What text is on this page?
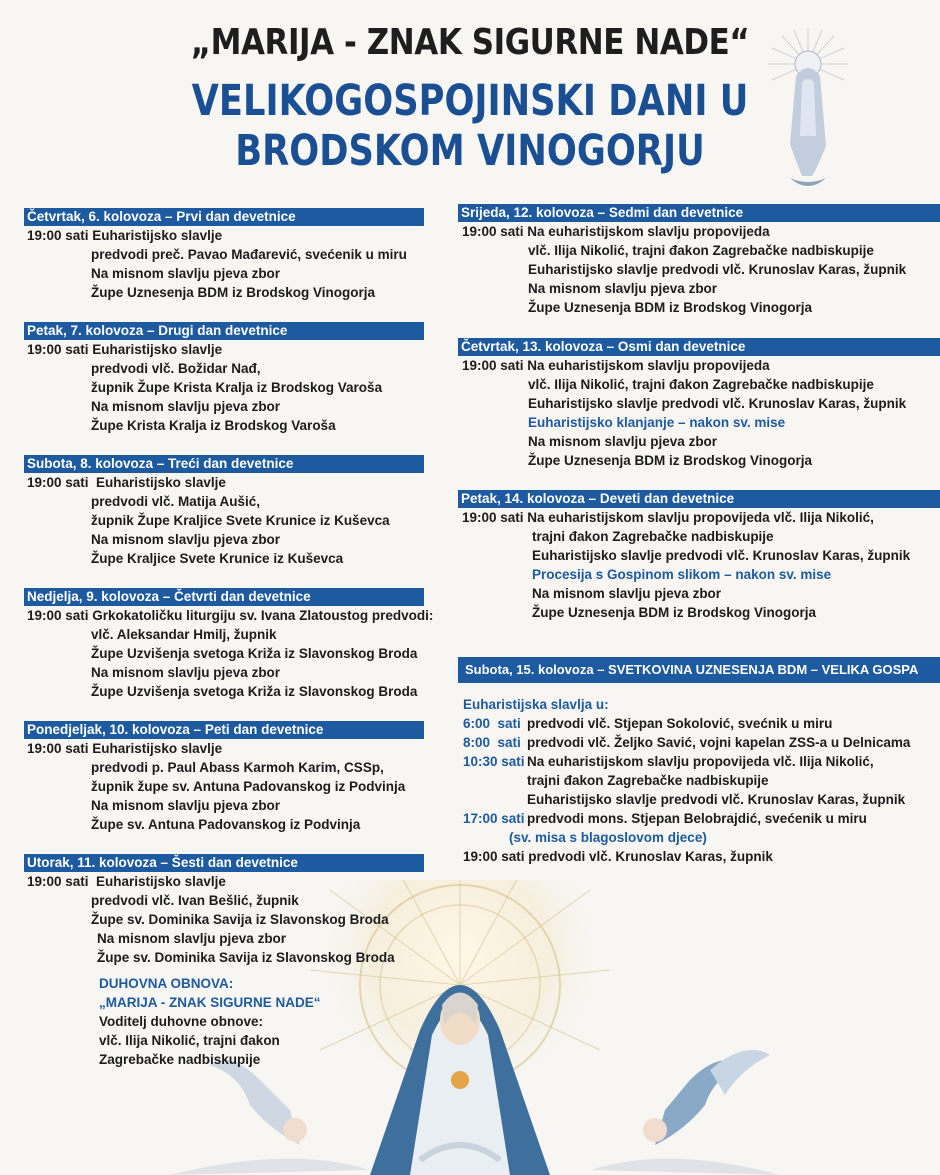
„MARIJA - ZNAK SIGURNE NADE“
VELIKOGOSPOJINSKI DANI U
BRODSKOM VINOGORJU
Četvrtak, 6. kolovoza – Prvi dan devetnice
19:00 sati Euharistijsko slavlje
predvodi preč. Pavao Mađarević, svećenik u miru
Na misnom slavlju pjeva zbor
Župe Uznesenja BDM iz Brodskog Vinogorja
Petak, 7. kolovoza – Drugi dan devetnice
19:00 sati Euharistijsko slavlje
predvodi vlč. Božidar Nađ,
župnik Župe Krista Kralja iz Brodskog Varoša
Na misnom slavlju pjeva zbor
Župe Krista Kralja iz Brodskog Varoša
Subota, 8. kolovoza – Treći dan devetnice
19:00 sati  Euharistijsko slavlje
predvodi vlč. Matija Aušić,
župnik Župe Kraljice Svete Krunice iz Kuševca
Na misnom slavlju pjeva zbor
Župe Kraljice Svete Krunice iz Kuševca
Nedjelja, 9. kolovoza – Četvrti dan devetnice
19:00 sati Grkokatoličku liturgiju sv. Ivana Zlatoustog predvodi:
vlč. Aleksandar Hmilj, župnik
Župe Uzvišenja svetoga Križa iz Slavonskog Broda
Na misnom slavlju pjeva zbor
Župe Uzvišenja svetoga Križa iz Slavonskog Broda
Ponedjeljak, 10. kolovoza – Peti dan devetnice
19:00 sati Euharistijsko slavlje
predvodi p. Paul Abass Karmoh Karim, CSSp,
župnik župe sv. Antuna Padovanskog iz Podvinja
Na misnom slavlju pjeva zbor
Župe sv. Antuna Padovanskog iz Podvinja
Utorak, 11. kolovoza – Šesti dan devetnice
19:00 sati  Euharistijsko slavlje
predvodi vlč. Ivan Bešlić, župnik
Župe sv. Dominika Savija iz Slavonskog Broda
Na misnom slavlju pjeva zbor
Župe sv. Dominika Savija iz Slavonskog Broda
DUHOVNA OBNOVA:
„MARIJA - ZNAK SIGURNE NADE“
Voditelj duhovne obnove:
vlč. Ilija Nikolić, trajni đakon
Zagrebačke nadbiskupije
Srijeda, 12. kolovoza – Sedmi dan devetnice
19:00 sati Na euharistijskom slavlju propovijeda
vlč. Ilija Nikolić, trajni đakon Zagrebačke nadbiskupije
Euharistijsko slavlje predvodi vlč. Krunoslav Karas, župnik
Na misnom slavlju pjeva zbor
Župe Uznesenja BDM iz Brodskog Vinogorja
Četvrtak, 13. kolovoza – Osmi dan devetnice
19:00 sati Na euharistijskom slavlju propovijeda
vlč. Ilija Nikolić, trajni đakon Zagrebačke nadbiskupije
Euharistijsko slavlje predvodi vlč. Krunoslav Karas, župnik
Euharistijsko klanjanje – nakon sv. mise
Na misnom slavlju pjeva zbor
Župe Uznesenja BDM iz Brodskog Vinogorja
Petak, 14. kolovoza – Deveti dan devetnice
19:00 sati Na euharistijskom slavlju propovijeda vlč. Ilija Nikolić,
trajni đakon Zagrebačke nadbiskupije
Euharistijsko slavlje predvodi vlč. Krunoslav Karas, župnik
Procesija s Gospinom slikom – nakon sv. mise
Na misnom slavlju pjeva zbor
Župe Uznesenja BDM iz Brodskog Vinogorja
Subota, 15. kolovoza – SVETKOVINA UZNESENJA BDM – VELIKA GOSPA
Euharistijska slavlja u:
6:00  sati predvodi vlč. Stjepan Sokolović, svećnik u miru
8:00  sati predvodi vlč. Željko Savić, vojni kapelan ZSS-a u Delnicama
10:30 sati Na euharistijskom slavlju propovijeda vlč. Ilija Nikolić,
trajni đakon Zagrebačke nadbiskupije
Euharistijsko slavlje predvodi vlč. Krunoslav Karas, župnik
17:00 sati predvodi mons. Stjepan Belobrajdić, svećenik u miru
(sv. misa s blagoslovom djece)
19:00 sati predvodi vlč. Krunoslav Karas, župnik
